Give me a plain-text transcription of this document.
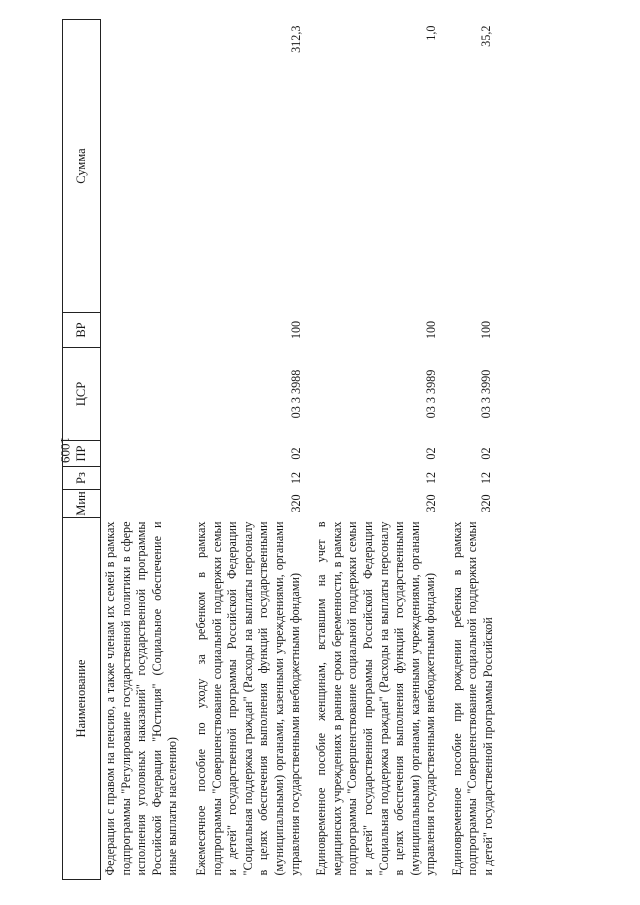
1009
Наименование	Мин	Рз	ПР	ЦСР	ВР	Сумма
Федерации с правом на пенсию, а также членам их семей в рамках подпрограммы "Регулирование государственной политики в сфере исполнения уголовных наказаний" государственной программы Российской Федерации "Юстиция" (Социальное обеспечение и иные выплаты населению)						
Ежемесячное пособие по уходу за ребенком в рамках подпрограммы "Совершенствование социальной поддержки семьи и детей" государственной программы Российской Федерации "Социальная поддержка граждан" (Расходы на выплаты персоналу в целях обеспечения выполнения функций государственными (муниципальными) органами, казенными учреждениями, органами управления государственными внебюджетными фондами)	320	12	02	03 3 3988	100	312,3
Единовременное пособие женщинам, вставшим на учет в медицинских учреждениях в ранние сроки беременности, в рамках подпрограммы "Совершенствование социальной поддержки семьи и детей" государственной программы Российской Федерации "Социальная поддержка граждан" (Расходы на выплаты персоналу в целях обеспечения выполнения функций государственными (муниципальными) органами, казенными учреждениями, органами управления государственными внебюджетными фондами)	320	12	02	03 3 3989	100	1,0
Единовременное пособие при рождении ребенка в рамках подпрограммы "Совершенствование социальной поддержки семьи и детей" государственной программы Российской	320	12	02	03 3 3990	100	35,2
